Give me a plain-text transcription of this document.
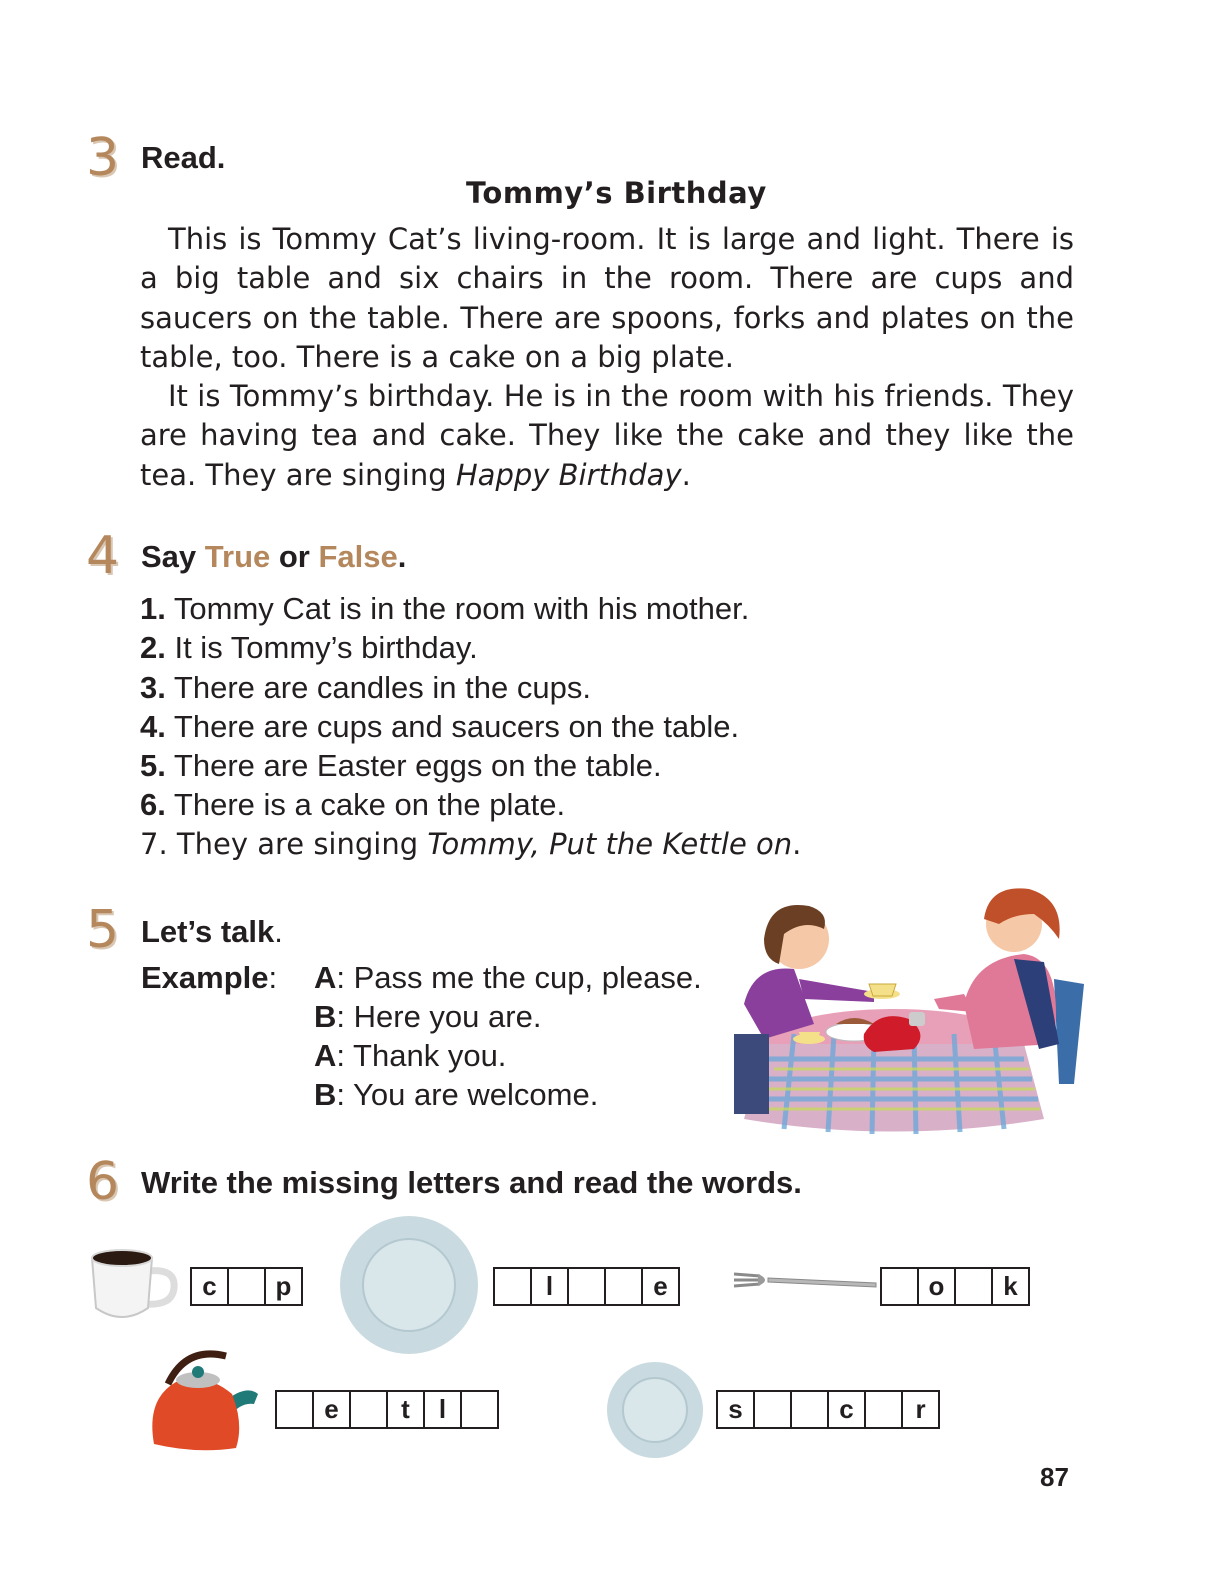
3 Read.
Tommy’s Birthday

This is Tommy Cat’s living-room. It is large and light. There is a big table and six chairs in the room. There are cups and saucers on the table. There are spoons, forks and plates on the table, too. There is a cake on a big plate.

It is Tommy’s birthday. He is in the room with his friends. They are having tea and cake. They like the cake and they like the tea. They are singing Happy Birthday.

4 Say True or False.
1. Tommy Cat is in the room with his mother.
2. It is Tommy’s birthday.
3. There are candles in the cups.
4. There are cups and saucers on the table.
5. There are Easter eggs on the table.
6. There is a cake on the plate.
7. They are singing Tommy, Put the Kettle on.
5 Let’s talk.
Example: A: Pass me the cup, please.
B: Here you are.
A: Thank you.
B: You are welcome.
6 Write the missing letters and read the words.
c	p	l	e	o	k
e	t	l	s	c	r
87
